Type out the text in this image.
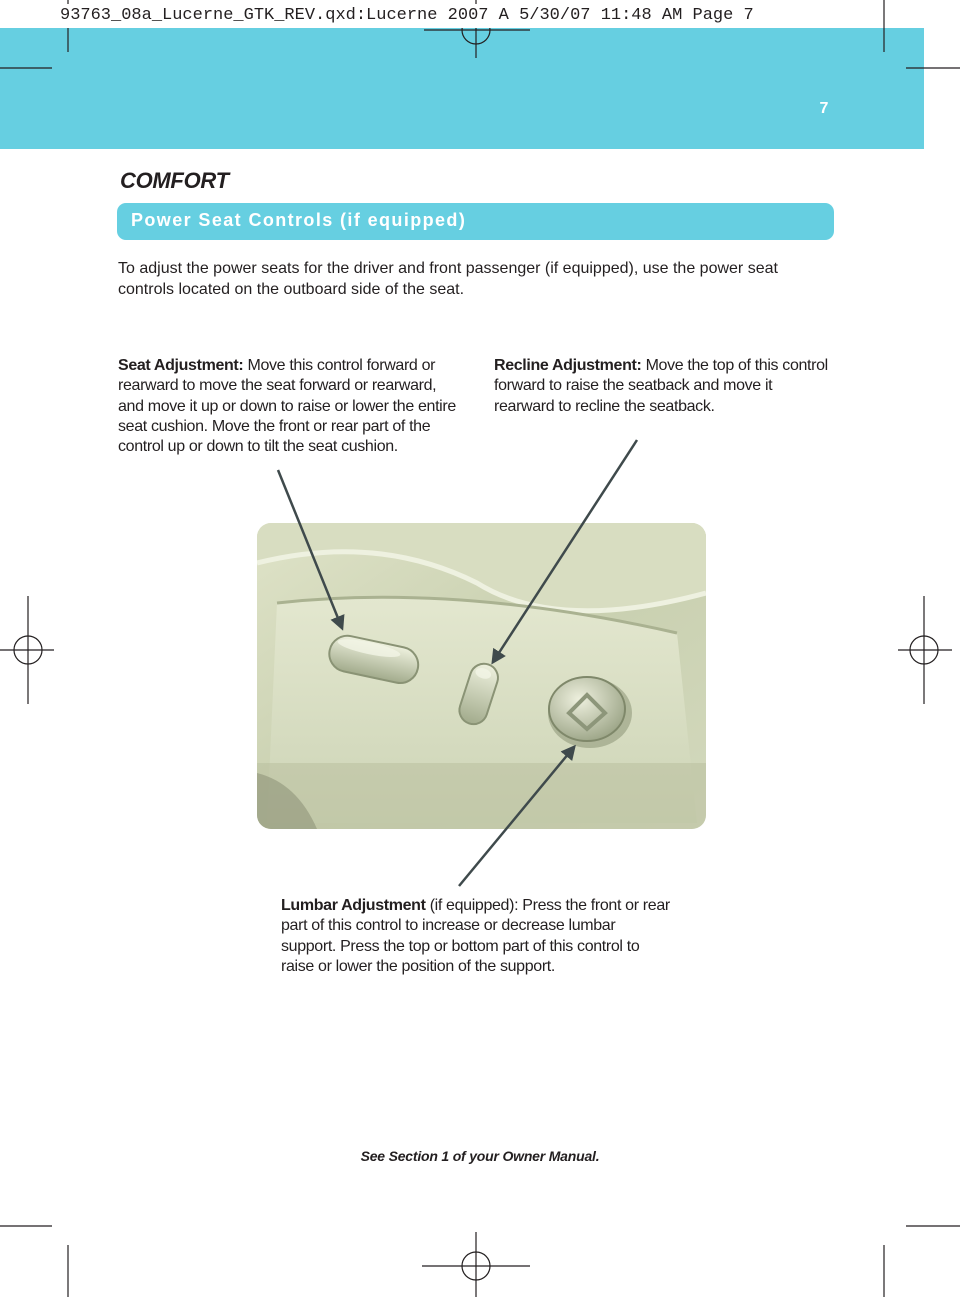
7
93763_08a_Lucerne_GTK_REV.qxd:Lucerne 2007 A 5/30/07 11:48 AM Page 7
COMFORT
Power Seat Controls (if equipped)
To adjust the power seats for the driver and front passenger (if equipped), use the power seat controls located on the outboard side of the seat.
Seat Adjustment: Move this control forward or rearward to move the seat forward or rearward, and move it up or down to raise or lower the entire seat cushion. Move the front or rear part of the control up or down to tilt the seat cushion.
Recline Adjustment: Move the top of this control forward to raise the seatback and move it rearward to recline the seatback.
Lumbar Adjustment (if equipped): Press the front or rear part of this control to increase or decrease lumbar support. Press the top or bottom part of this control to raise or lower the position of the support.
See Section 1 of your Owner Manual.
